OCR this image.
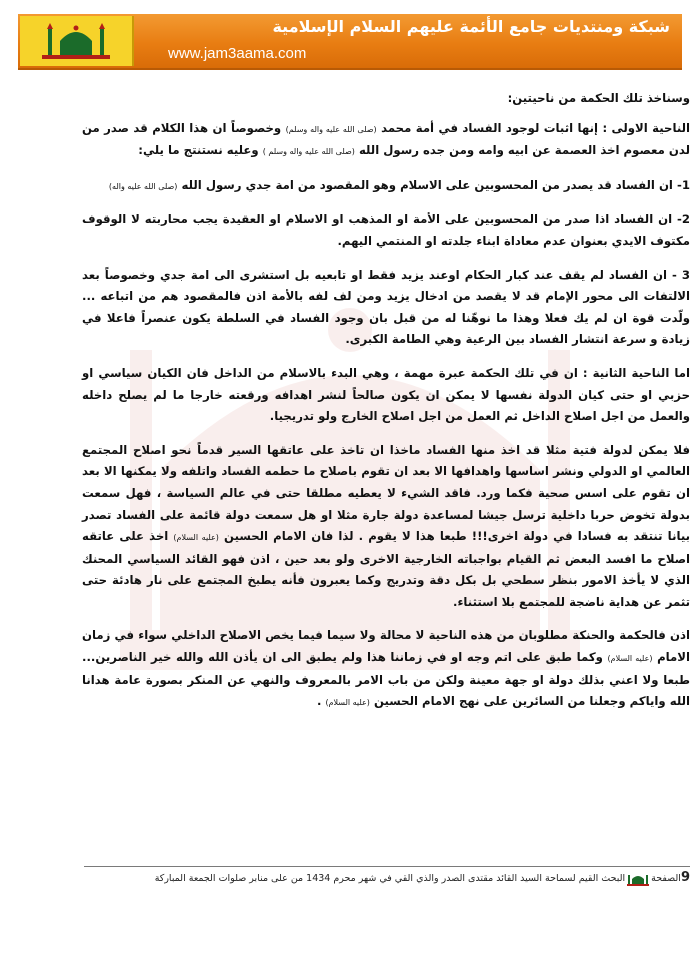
شبكة ومنتديات جامع الأئمة عليهم السلام الإسلامية
www.jam3aama.com

وسناخذ تلك الحكمة من ناحيتين:

الناحية الاولى : إنها اثبات لوجود الفساد في أمة محمد (صلى الله عليه واله وسلم) وخصوصاً ان هذا الكلام قد صدر من لدن معصوم اخذ العصمة عن ابيه وامه ومن جده رسول الله (صلى الله عليه واله وسلم ) وعليه نستنتج ما يلي:

1- ان الفساد قد يصدر من المحسوبين على الاسلام وهو المقصود من امة جدي رسول الله (صلى الله عليه واله)

2- ان الفساد اذا صدر من المحسوبين على الأمة او المذهب او الاسلام او العقيدة يجب محاربته لا الوقوف مكتوف الايدي بعنوان عدم معاداة ابناء جلدته او المنتمي اليهم.

3 - ان الفساد لم يقف عند كبار الحكام اوعند يزيد فقط او تابعيه بل استشرى الى امة جدي وخصوصاً بعد الالتفات الى محور الإمام قد لا يقصد من ادخال يزيد ومن لف لفه بالأمة اذن فالمقصود هم من اتباعه ... ولّدت قوة ان لم يك فعلا وهذا ما نوهّنا له من قبل بان وجود الفساد في السلطة يكون عنصراً فاعلا في زيادة و سرعة انتشار الفساد بين الرعية وهي الطامة الكبرى.

اما الناحية الثانية : ان في تلك الحكمة عبرة مهمة ، وهي البدء بالاسلام من الداخل فان الكيان سياسي او حزبي او حتى كيان الدولة نفسها لا يمكن ان يكون صالحاً لنشر اهدافه ورقعته خارجا ما لم يصلح داخله والعمل من اجل اصلاح الداخل ثم العمل من اجل اصلاح الخارج ولو تدريجيا.

فلا يمكن لدولة فتية مثلا قد اخذ منها الفساد ماخذا ان تاخذ على عاتقها السير قدماً نحو اصلاح المجتمع العالمي او الدولي ونشر اساسها واهدافها الا بعد ان تقوم باصلاح ما حطمه الفساد واتلفه ولا يمكنها الا بعد ان تقوم على اسس صحية فكما ورد. فاقد الشيء لا يعطيه مطلقا حتى في عالم السياسة ، فهل سمعت بدولة تخوض حربا داخلية ترسل جيشا لمساعدة دولة جارة مثلا او هل سمعت دولة قائمة على الفساد تصدر بيانا تنتقد به فسادا في دولة اخرى!!! طبعا هذا لا يقوم . لذا فان الامام الحسين (عليه السلام) اخذ على عاتقه اصلاح ما افسد البعض ثم القيام بواجباته الخارجية الاخرى ولو بعد حين ، اذن فهو القائد السياسي المحنك الذي لا يأخذ الامور بنظر سطحي بل بكل دقة وتدريج وكما يعبرون فأنه يطبخ المجتمع على نار هادئة حتى تثمر عن هداية ناضجة للمجتمع بلا استثناء.

اذن فالحكمة والحنكة مطلوبان من هذه الناحية لا محالة ولا سيما فيما يخص الاصلاح الداخلي سواء في زمان الامام (عليه السلام) وكما طبق على اتم وجه او في زماننا هذا ولم يطبق الى ان يأذن الله والله خير الناصرين... طبعا ولا اعني بذلك دولة او جهة معينة ولكن من باب الامر بالمعروف والنهي عن المنكر بصورة عامة هدانا الله واياكم وجعلنا من السائرين على نهج الامام الحسين (عليه السلام) .

9الصفحةالبحث القيم لسماحة السيد القائد مقتدى الصدر والذي القي في شهر محرم 1434 من على منابر صلوات الجمعة المباركة
